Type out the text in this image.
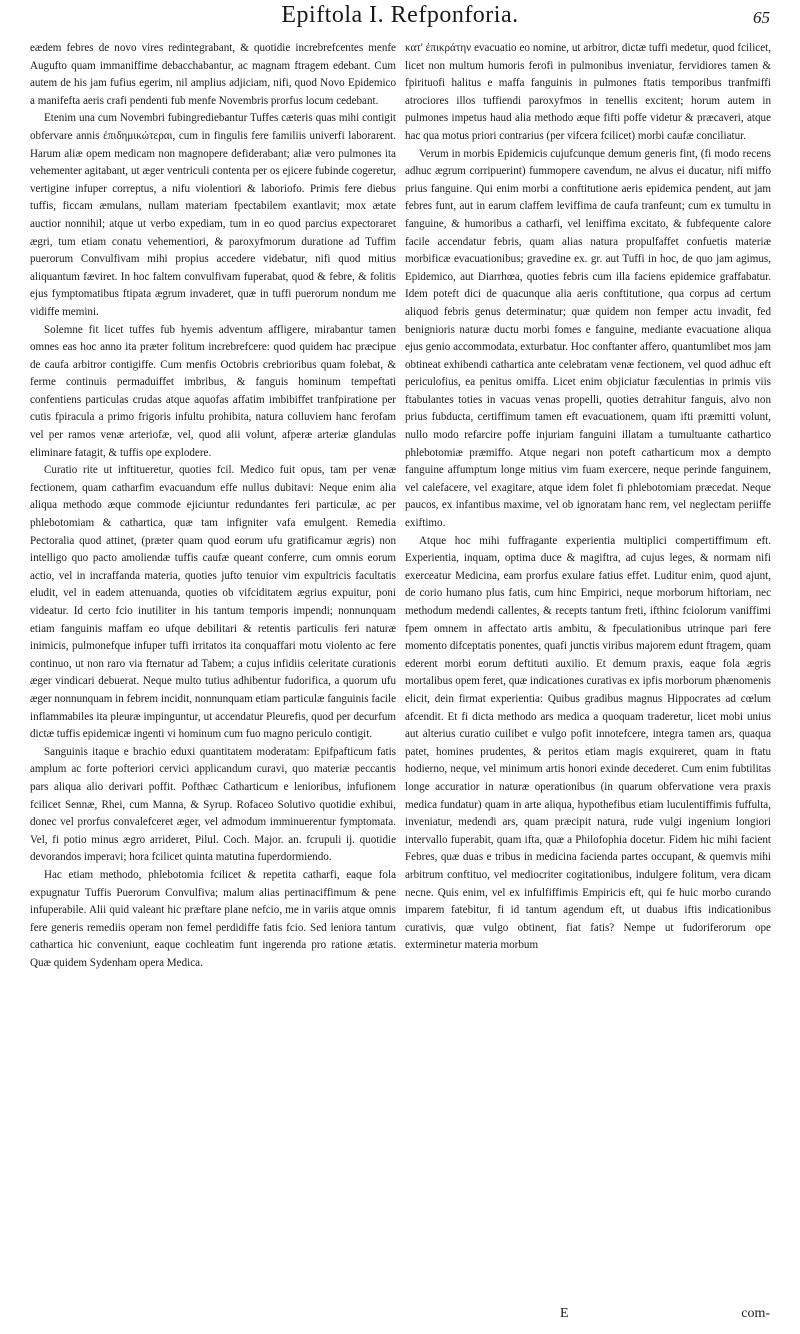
Epiftola I. Refponforia.	65

eædem febres de novo vires redintegrabant, & quotidie increbrefcentes menfe Augufto quam immaniffime debacchabantur, ac magnam ftragem edebant. Cum autem de his jam fufius egerim, nil amplius adjiciam, nifi, quod Novo Epidemico a manifefta aeris crafi pendenti fub menfe Novembris prorfus locum cedebant.

Etenim una cum Novembri fubingrediebantur Tuffes cæteris quas mihi contigit obfervare annis ἐπιδημικώτεραι, cum in fingulis fere familiis univerfi laborarent. Harum aliæ opem medicam non magnopere defiderabant; aliæ vero pulmones ita vehementer agitabant, ut æger ventriculi contenta per os ejicere fubinde cogeretur, vertigine infuper correptus, a nifu violentiori & laboriofo. Primis fere diebus tuffis, ficcam æmulans, nullam materiam fpectabilem exantlavit; mox ætate auctior nonnihil; atque ut verbo expediam, tum in eo quod parcius expectoraret ægri, tum etiam conatu vehementiori, & paroxyfmorum duratione ad Tuffim puerorum Convulfivam mihi propius accedere videbatur, nifi quod mitius aliquantum fæviret. In hoc faltem convulfivam fuperabat, quod & febre, & folitis ejus fymptomatibus ftipata ægrum invaderet, quæ in tuffi puerorum nondum me vidiffe memini.

Solemne fit licet tuffes fub hyemis adventum affligere, mirabantur tamen omnes eas hoc anno ita præter folitum increbrefcere: quod quidem hac præcipue de caufa arbitror contigiffe. Cum menfis Octobris crebrioribus quam folebat, & ferme continuis permaduiffet imbribus, & fanguis hominum tempeftati confentiens particulas crudas atque aquofas affatim imbibiffet tranfpiratione per cutis fpiracula a primo frigoris infultu prohibita, natura colluviem hanc ferofam vel per ramos venæ arteriofæ, vel, quod alii volunt, afperæ arteriæ glandulas eliminare fatagit, & tuffis ope explodere.

Curatio rite ut inftitueretur, quoties fcil. Medico fuit opus, tam per venæ fectionem, quam catharfim evacuandum effe nullus dubitavi: Neque enim alia aliqua methodo æque commode ejiciuntur redundantes feri particulæ, ac per phlebotomiam & cathartica, quæ tam infigniter vafa emulgent. Remedia Pectoralia quod attinet, (præter quam quod eorum ufu gratificamur ægris) non intelligo quo pacto amoliendæ tuffis caufæ queant conferre, cum omnis eorum actio, vel in incraffanda materia, quoties jufto tenuior vim expultricis facultatis eludit, vel in eadem attenuanda, quoties ob vifciditatem ægrius expuitur, poni videatur. Id certo fcio inutiliter in his tantum temporis impendi; nonnunquam etiam fanguinis maffam eo ufque debilitari & retentis particulis feri naturæ inimicis, pulmonefque infuper tuffi irritatos ita conquaffari motu violento ac fere continuo, ut non raro via fternatur ad Tabem; a cujus infidiis celeritate curationis æger vindicari debuerat. Neque multo tutius adhibentur fudorifica, a quorum ufu æger nonnunquam in febrem incidit, nonnunquam etiam particulæ fanguinis facile inflammabiles ita pleuræ impinguntur, ut accendatur Pleurefis, quod per decurfum dictæ tuffis epidemicæ ingenti vi hominum cum fuo magno periculo contigit.

Sanguinis itaque e brachio eduxi quantitatem moderatam: Epifpafticum fatis amplum ac forte pofteriori cervici applicandum curavi, quo materiæ peccantis pars aliqua alio derivari poffit. Pofthæc Catharticum e lenioribus, infufionem fcilicet Sennæ, Rhei, cum Manna, & Syrup. Rofaceo Solutivo quotidie exhibui, donec vel prorfus convalefceret æger, vel admodum imminuerentur fymptomata. Vel, fi potio minus ægro arrideret, Pilul. Coch. Major. an. fcrupuli ij. quotidie devorandos imperavi; hora fcilicet quinta matutina fuperdormiendo.

Hac etiam methodo, phlebotomia fcilicet & repetita catharfi, eaque fola expugnatur Tuffis Puerorum Convulfiva; malum alias pertinaciffimum & pene infuperabile. Alii quid valeant hic præftare plane nefcio, me in variis atque omnis fere generis remediis operam non femel perdidiffe fatis fcio. Sed leniora tantum cathartica hic conveniunt, eaque cochleatim funt ingerenda pro ratione ætatis. Quæ quidem Sydenham opera Medica.

κατ' ἐπικράτην evacuatio eo nomine, ut arbitror, dictæ tuffi medetur, quod fcilicet, licet non multum humoris ferofi in pulmonibus inveniatur, fervidiores tamen & fpirituofi halitus e maffa fanguinis in pulmones ftatis temporibus tranfmiffi atrociores illos tuffiendi paroxyfmos in tenellis excitent; horum autem in pulmones impetus haud alia methodo æque fifti poffe videtur & præcaveri, atque hac qua motus priori contrarius (per vifcera fcilicet) morbi caufæ conciliatur.

Verum in morbis Epidemicis cujufcunque demum generis fint, (fi modo recens adhuc ægrum corripuerint) fummopere cavendum, ne alvus ei ducatur, nifi miffo prius fanguine. Qui enim morbi a conftitutione aeris epidemica pendent, aut jam febres funt, aut in earum claffem leviffima de caufa tranfeunt; cum ex tumultu in fanguine, & humoribus a catharfi, vel leniffima excitato, & fubfequente calore facile accendatur febris, quam alias natura propulfaffet confuetis materiæ morbificæ evacuationibus; gravedine ex. gr. aut Tuffi in hoc, de quo jam agimus, Epidemico, aut Diarrhœa, quoties febris cum illa faciens epidemice graffabatur. Idem poteft dici de quacunque alia aeris conftitutione, qua corpus ad certum aliquod febris genus determinatur; quæ quidem non femper actu invadit, fed benignioris naturæ ductu morbi fomes e fanguine, mediante evacuatione aliqua ejus genio accommodata, exturbatur. Hoc conftanter affero, quantumlibet mos jam obtineat exhibendi cathartica ante celebratam venæ fectionem, vel quod adhuc eft periculofius, ea penitus omiffa. Licet enim objiciatur fæculentias in primis viis ftabulantes toties in vacuas venas propelli, quoties detrahitur fanguis, alvo non prius fubducta, certiffimum tamen eft evacuationem, quam ifti præmitti volunt, nullo modo refarcire poffe injuriam fanguini illatam a tumultuante cathartico phlebotomiæ præmiffo. Atque negari non poteft catharticum mox a dempto fanguine affumptum longe mitius vim fuam exercere, neque perinde fanguinem, vel calefacere, vel exagitare, atque idem folet fi phlebotomiam præcedat. Neque paucos, ex infantibus maxime, vel ob ignoratam hanc rem, vel neglectam periiffe exiftimo.

Atque hoc mihi fuffragante experientia multiplici compertiffimum eft. Experientia, inquam, optima duce & magiftra, ad cujus leges, & normam nifi exerceatur Medicina, eam prorfus exulare fatius effet. Luditur enim, quod ajunt, de corio humano plus fatis, cum hinc Empirici, neque morborum hiftoriam, nec methodum medendi callentes, & recepts tantum freti, ifthinc fciolorum vaniffimi fpem omnem in affectato artis ambitu, & fpeculationibus utrinque pari fere momento difceptatis ponentes, quafi junctis viribus majorem edunt ftragem, quam ederent morbi eorum deftituti auxilio. Et demum praxis, eaque fola ægris mortalibus opem feret, quæ indicationes curativas ex ipfis morborum phænomenis elicit, dein firmat experientia: Quibus gradibus magnus Hippocrates ad cœlum afcendit. Et fi dicta methodo ars medica a quoquam traderetur, licet mobi unius aut alterius curatio cuilibet e vulgo pofit innotefcere, integra tamen ars, quaqua patet, homines prudentes, & peritos etiam magis exquireret, quam in ftatu hodierno, neque, vel minimum artis honori exinde decederet. Cum enim fubtilitas longe accuratior in naturæ operationibus (in quarum obfervatione vera praxis medica fundatur) quam in arte aliqua, hypothefibus etiam luculentiffimis fuffulta, inveniatur, medendi ars, quam præcipit natura, rude vulgi ingenium longiori intervallo fuperabit, quam ifta, quæ a Philofophia docetur. Fidem hic mihi facient Febres, quæ duas e tribus in medicina facienda partes occupant, & quemvis mihi arbitrum conftituo, vel mediocriter cogitationibus, indulgere folitum, vera dicam necne. Quis enim, vel ex infulfiffimis Empiricis eft, qui fe huic morbo curando imparem fatebitur, fi id tantum agendum eft, ut duabus iftis indicationibus curativis, quæ vulgo obtinent, fiat fatis? Nempe ut fudoriferorum ope exterminetur materia morbum

E	com-
